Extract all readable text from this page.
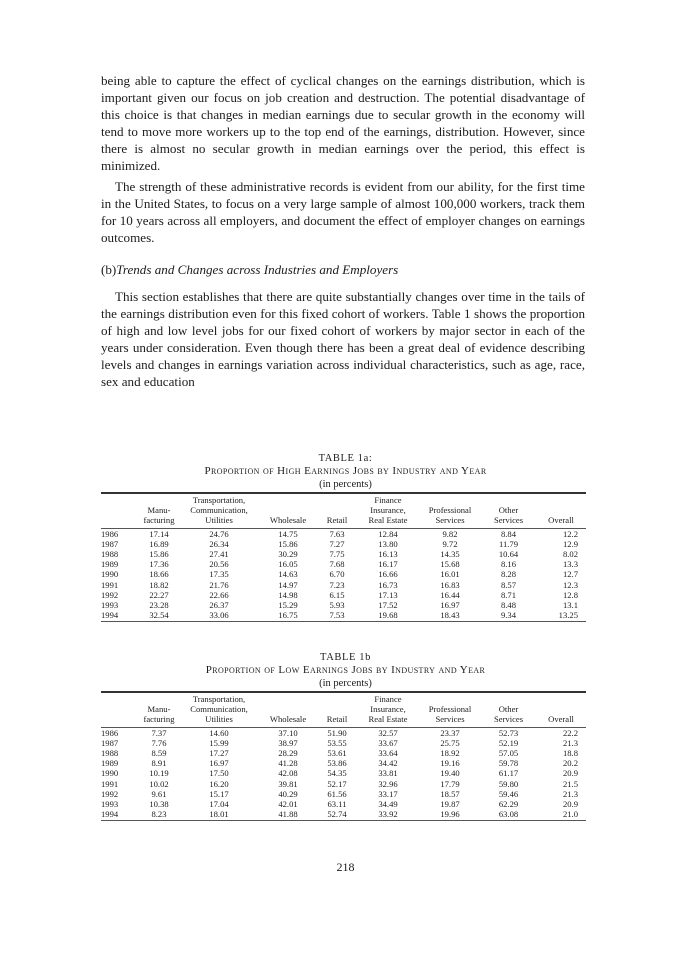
being able to capture the effect of cyclical changes on the earnings distribution, which is important given our focus on job creation and destruction. The potential disadvantage of this choice is that changes in median earnings due to secular growth in the economy will tend to move more workers up to the top end of the earnings, distribution. However, since there is almost no secular growth in median earnings over the period, this effect is minimized.

The strength of these administrative records is evident from our ability, for the first time in the United States, to focus on a very large sample of almost 100,000 workers, track them for 10 years across all employers, and document the effect of employer changes on earnings outcomes.

(b)Trends and Changes across Industries and Employers

This section establishes that there are quite substantially changes over time in the tails of the earnings distribution even for this fixed cohort of workers. Table 1 shows the proportion of high and low level jobs for our fixed cohort of workers by major sector in each of the years under consideration. Even though there has been a great deal of evidence describing levels and changes in earnings variation across individual characteristics, such as age, race, sex and education

TABLE 1a:
Proportion of High Earnings Jobs by Industry and Year
(in percents)

	Manu-
facturing	Transportation,
Communication,
Utilities	Wholesale	Retail	Finance
Insurance,
Real Estate	Professional
Services	Other
Services	Overall
1986	17.14	24.76	14.75	7.63	12.84	9.82	8.84	12.2
1987	16.89	26.34	15.86	7.27	13.80	9.72	11.79	12.9
1988	15.86	27.41	30.29	7.75	16.13	14.35	10.64	8.02
1989	17.36	20.56	16.05	7.68	16.17	15.68	8.16	13.3
1990	18.66	17.35	14.63	6.70	16.66	16.01	8.28	12.7
1991	18.82	21.76	14.97	7.23	16.73	16.83	8.57	12.3
1992	22.27	22.66	14.98	6.15	17.13	16.44	8.71	12.8
1993	23.28	26.37	15.29	5.93	17.52	16.97	8.48	13.1
1994	32.54	33.06	16.75	7.53	19.68	18.43	9.34	13.25
TABLE 1b
Proportion of Low Earnings Jobs by Industry and Year
(in percents)

	Manu-
facturing	Transportation,
Communication,
Utilities	Wholesale	Retail	Finance
Insurance,
Real Estate	Professional
Services	Other
Services	Overall
1986	7.37	14.60	37.10	51.90	32.57	23.37	52.73	22.2
1987	7.76	15.99	38.97	53.55	33.67	25.75	52.19	21.3
1988	8.59	17.27	28.29	53.61	33.64	18.92	57.05	18.8
1989	8.91	16.97	41.28	53.86	34.42	19.16	59.78	20.2
1990	10.19	17.50	42.08	54.35	33.81	19.40	61.17	20.9
1991	10.02	16.20	39.81	52.17	32.96	17.79	59.80	21.5
1992	9.61	15.17	40.29	61.56	33.17	18.57	59.46	21.3
1993	10.38	17.04	42.01	63.11	34.49	19.87	62.29	20.9
1994	8.23	18.01	41.88	52.74	33.92	19.96	63.08	21.0
218
